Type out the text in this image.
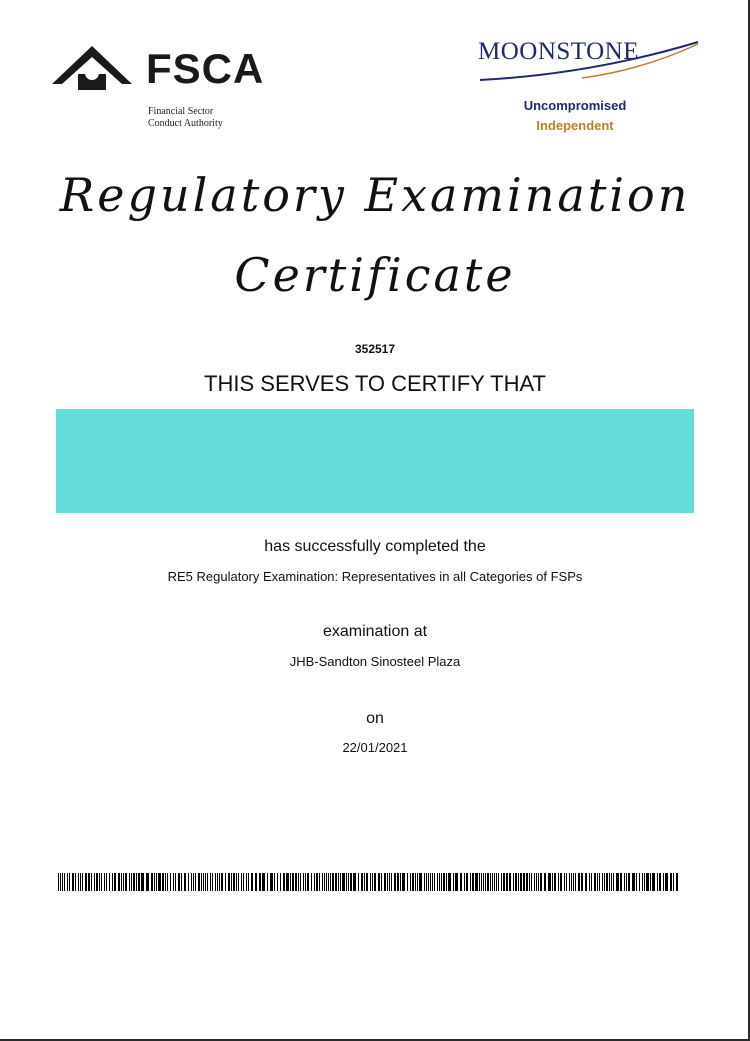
FSCA
Financial Sector
Conduct Authority
MOONSTONE
Uncompromised
Independent
Regulatory Examination
Certificate
352517
THIS SERVES TO CERTIFY THAT
has successfully completed the
RE5 Regulatory Examination: Representatives in all Categories of FSPs
examination at
JHB-Sandton Sinosteel Plaza
on
22/01/2021
